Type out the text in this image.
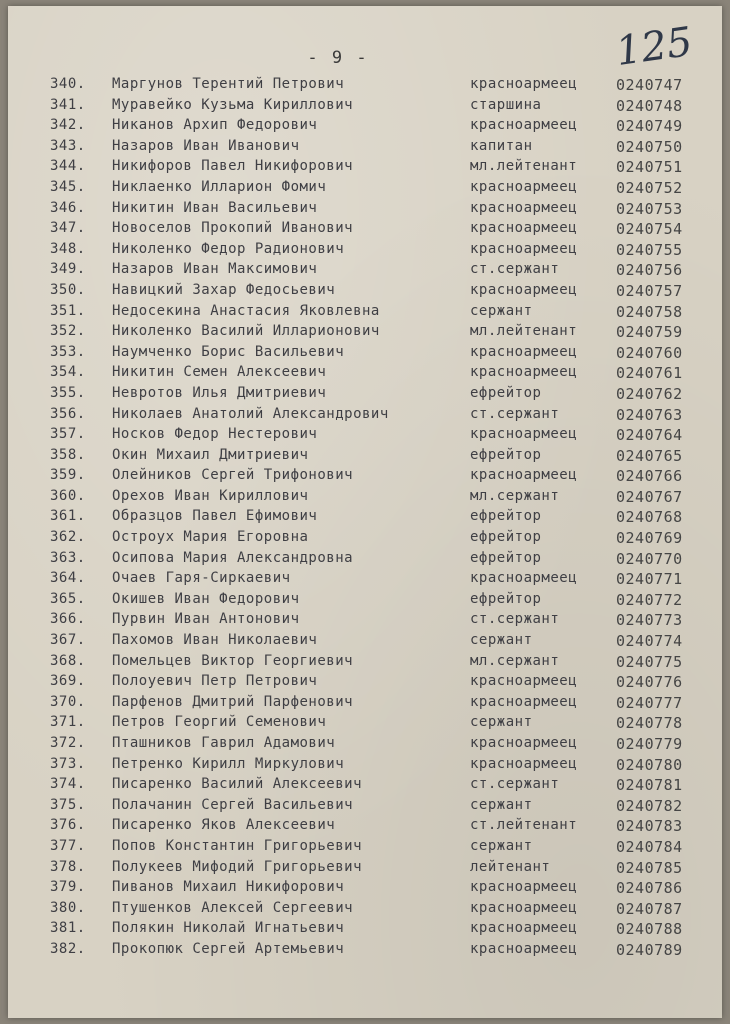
- 9 -	125
340.	Маргунов Терентий Петрович	красноармеец	0240747
341.	Муравейко Кузьма Кириллович	старшина	0240748
342.	Никанов Архип Федорович	красноармеец	0240749
343.	Назаров Иван Иванович	капитан	0240750
344.	Никифоров Павел Никифорович	мл.лейтенант	0240751
345.	Никлаенко Илларион Фомич	красноармеец	0240752
346.	Никитин Иван Васильевич	красноармеец	0240753
347.	Новоселов Прокопий Иванович	красноармеец	0240754
348.	Николенко Федор Радионович	красноармеец	0240755
349.	Назаров Иван Максимович	ст.сержант	0240756
350.	Навицкий Захар Федосьевич	красноармеец	0240757
351.	Недосекина Анастасия Яковлевна	сержант	0240758
352.	Николенко Василий Илларионович	мл.лейтенант	0240759
353.	Наумченко Борис Васильевич	красноармеец	0240760
354.	Никитин Семен Алексеевич	красноармеец	0240761
355.	Невротов Илья Дмитриевич	ефрейтор	0240762
356.	Николаев Анатолий Александрович	ст.сержант	0240763
357.	Носков Федор Нестерович	красноармеец	0240764
358.	Окин Михаил Дмитриевич	ефрейтор	0240765
359.	Олейников Сергей Трифонович	красноармеец	0240766
360.	Орехов Иван Кириллович	мл.сержант	0240767
361.	Образцов Павел Ефимович	ефрейтор	0240768
362.	Остроух Мария Егоровна	ефрейтор	0240769
363.	Осипова Мария Александровна	ефрейтор	0240770
364.	Очаев Гаря-Сиркаевич	красноармеец	0240771
365.	Окишев Иван Федорович	ефрейтор	0240772
366.	Пурвин Иван Антонович	ст.сержант	0240773
367.	Пахомов Иван Николаевич	сержант	0240774
368.	Помельцев Виктор Георгиевич	мл.сержант	0240775
369.	Полоуевич Петр Петрович	красноармеец	0240776
370.	Парфенов Дмитрий Парфенович	красноармеец	0240777
371.	Петров Георгий Семенович	сержант	0240778
372.	Пташников Гаврил Адамович	красноармеец	0240779
373.	Петренко Кирилл Миркулович	красноармеец	0240780
374.	Писаренко Василий Алексеевич	ст.сержант	0240781
375.	Полачанин Сергей Васильевич	сержант	0240782
376.	Писаренко Яков Алексеевич	ст.лейтенант	0240783
377.	Попов Константин Григорьевич	сержант	0240784
378.	Полукеев Мифодий Григорьевич	лейтенант	0240785
379.	Пиванов Михаил Никифорович	красноармеец	0240786
380.	Птушенков Алексей Сергеевич	красноармеец	0240787
381.	Полякин Николай Игнатьевич	красноармеец	0240788
382.	Прокопюк Сергей Артемьевич	красноармеец	0240789
